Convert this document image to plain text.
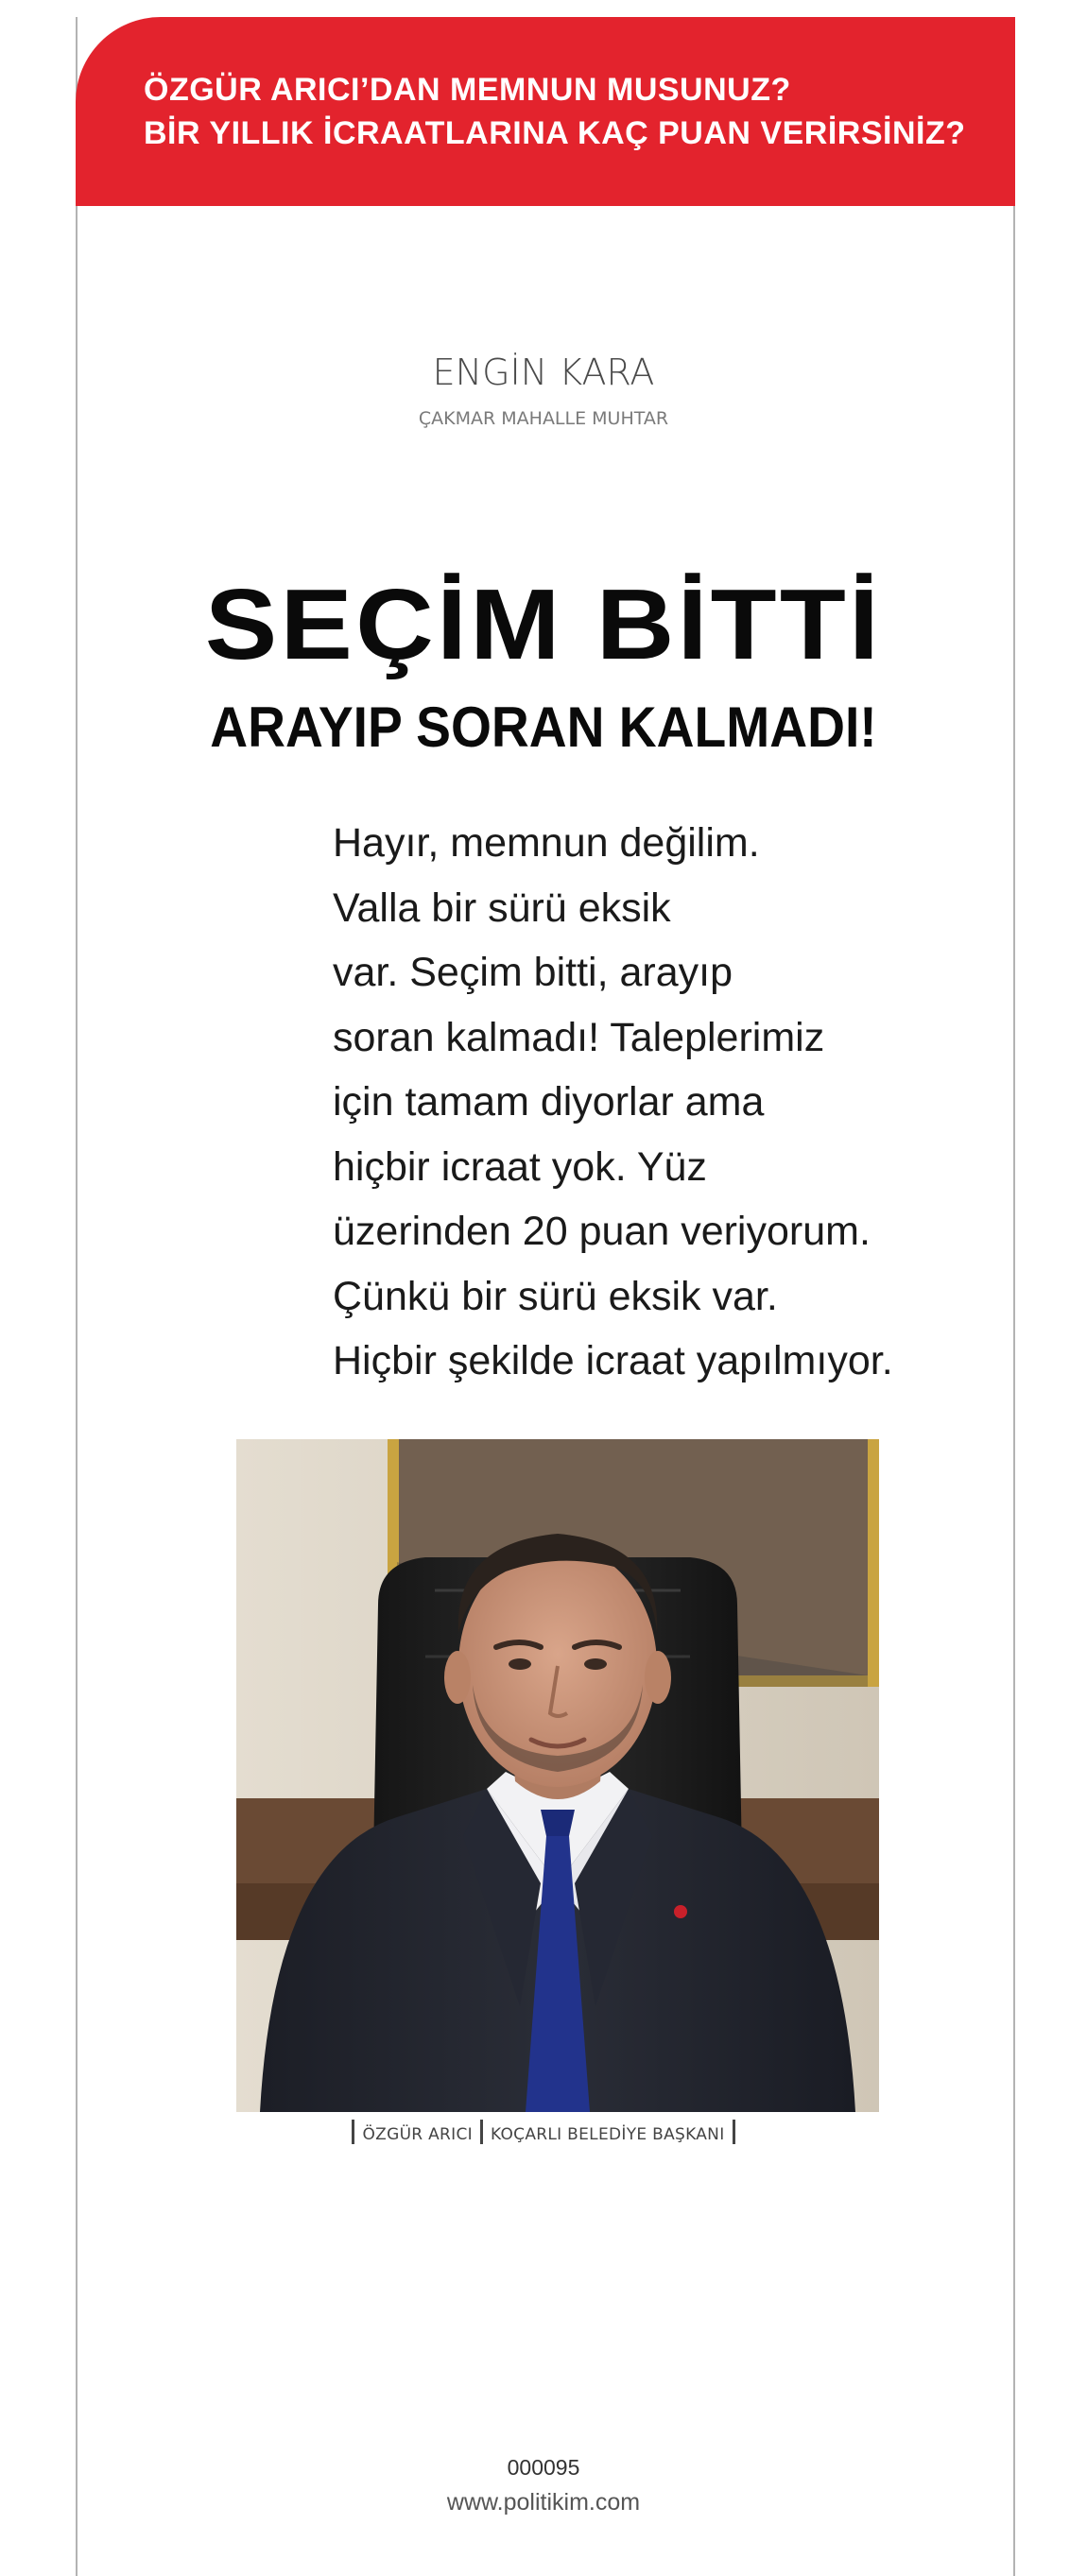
ÖZGÜR ARICI’DAN MEMNUN MUSUNUZ?
BİR YILLIK İCRAATLARINA KAÇ PUAN VERİRSİNİZ?
ENGİN KARA
ÇAKMAR MAHALLE MUHTAR
SEÇİM BİTTİ
ARAYIP SORAN KALMADI!
Hayır, memnun değilim.
Valla bir sürü eksik
var. Seçim bitti, arayıp
soran kalmadı! Taleplerimiz
için tamam diyorlar ama
hiçbir icraat yok. Yüz
üzerinden 20 puan veriyorum.
Çünkü bir sürü eksik var.
Hiçbir şekilde icraat yapılmıyor.
ÖZGÜR ARICI KOÇARLI BELEDİYE BAŞKANI
000095
www.politikim.com
